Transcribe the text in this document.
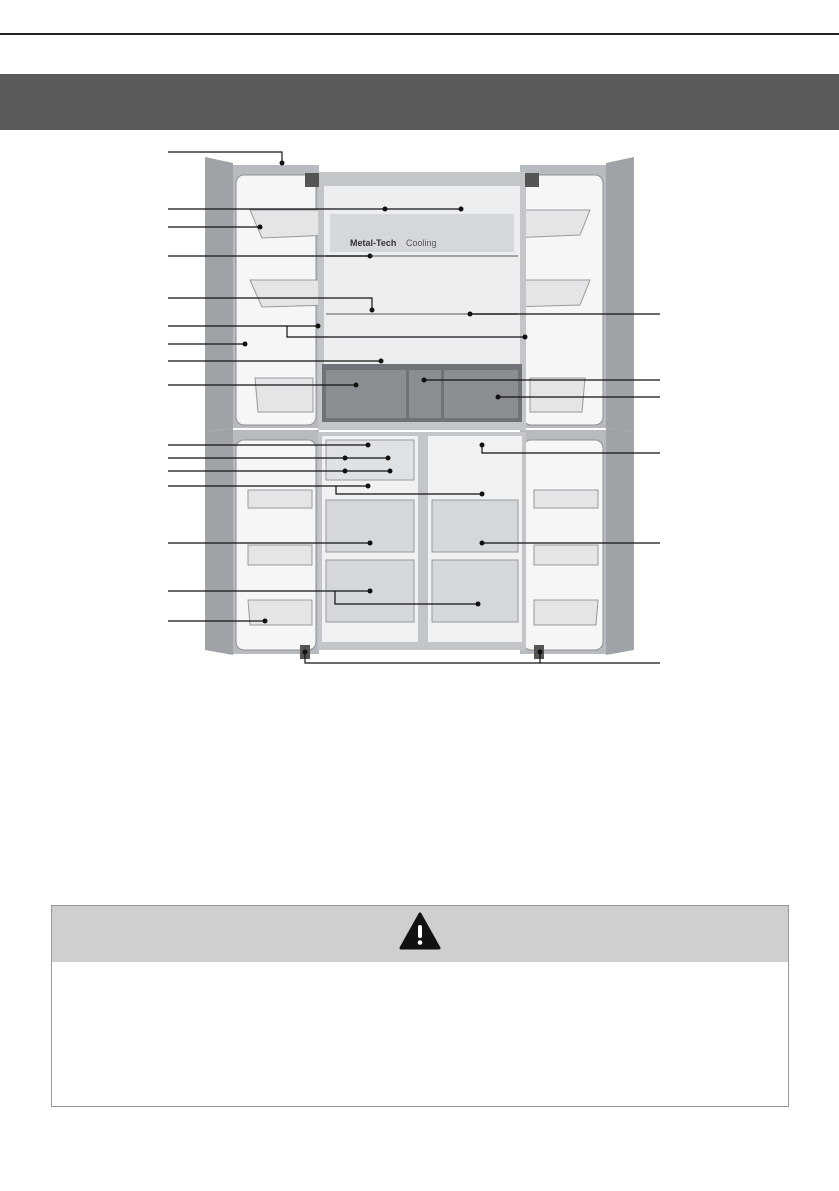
Metal-Tech Cooling
